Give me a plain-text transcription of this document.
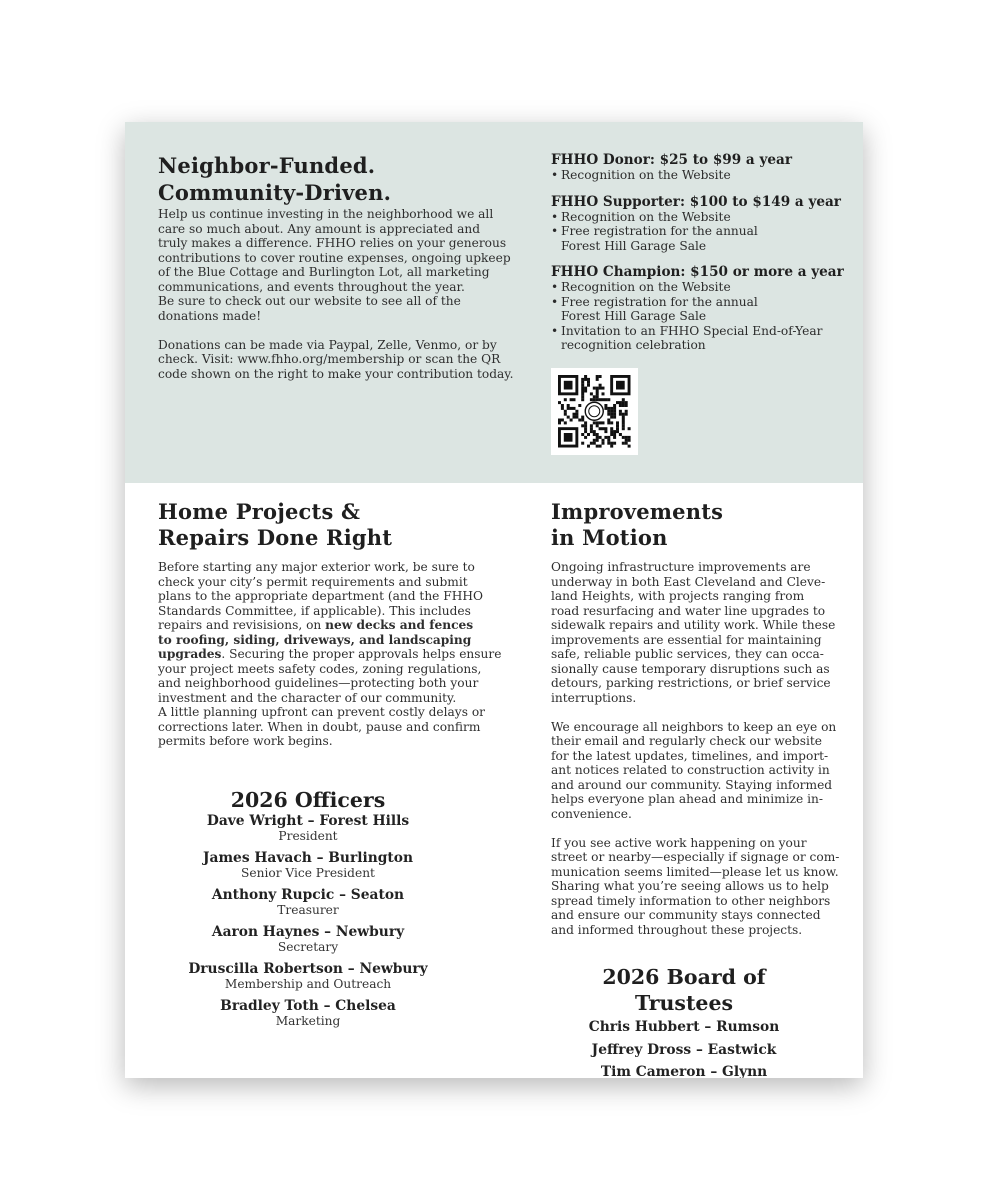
Neighbor-Funded.
Community-Driven.

Help us continue investing in the neighborhood we all
care so much about. Any amount is appreciated and
truly makes a difference. FHHO relies on your generous
contributions to cover routine expenses, ongoing upkeep
of the Blue Cottage and Burlington Lot, all marketing
communications, and events throughout the year.
Be sure to check out our website to see all of the
donations made!

Donations can be made via Paypal, Zelle, Venmo, or by
check. Visit: www.fhho.org/membership or scan the QR
code shown on the right to make your contribution today.

FHHO Donor: $25 to $99 a year
• Recognition on the Website
FHHO Supporter: $100 to $149 a year
• Recognition on the Website
• Free registration for the annual
Forest Hill Garage Sale
FHHO Champion: $150 or more a year
• Recognition on the Website
• Free registration for the annual
Forest Hill Garage Sale
• Invitation to an FHHO Special End-of-Year
recognition celebration
Home Projects &
Repairs Done Right

Before starting any major exterior work, be sure to
check your city’s permit requirements and submit
plans to the appropriate department (and the FHHO
Standards Committee, if applicable). This includes
repairs and revisisions, on new decks and fences
to roofing, siding, driveways, and landscaping
upgrades. Securing the proper approvals helps ensure
your project meets safety codes, zoning regulations,
and neighborhood guidelines—protecting both your
investment and the character of our community.
A little planning upfront can prevent costly delays or
corrections later. When in doubt, pause and confirm
permits before work begins.

Improvements
in Motion

Ongoing infrastructure improvements are
underway in both East Cleveland and Cleve-
land Heights, with projects ranging from
road resurfacing and water line upgrades to
sidewalk repairs and utility work. While these
improvements are essential for maintaining
safe, reliable public services, they can occa-
sionally cause temporary disruptions such as
detours, parking restrictions, or brief service
interruptions.

We encourage all neighbors to keep an eye on
their email and regularly check our website
for the latest updates, timelines, and import-
ant notices related to construction activity in
and around our community. Staying informed
helps everyone plan ahead and minimize in-
convenience.

If you see active work happening on your
street or nearby—especially if signage or com-
munication seems limited—please let us know.
Sharing what you’re seeing allows us to help
spread timely information to other neighbors
and ensure our community stays connected
and informed throughout these projects.

2026 Officers
Dave Wright – Forest Hills
President
James Havach – Burlington
Senior Vice President
Anthony Rupcic – Seaton
Treasurer
Aaron Haynes – Newbury
Secretary
Druscilla Robertson – Newbury
Membership and Outreach
Bradley Toth – Chelsea
Marketing
2026 Board of Trustees
Chris Hubbert – Rumson
Jeffrey Dross – Eastwick
Tim Cameron – Glynn
